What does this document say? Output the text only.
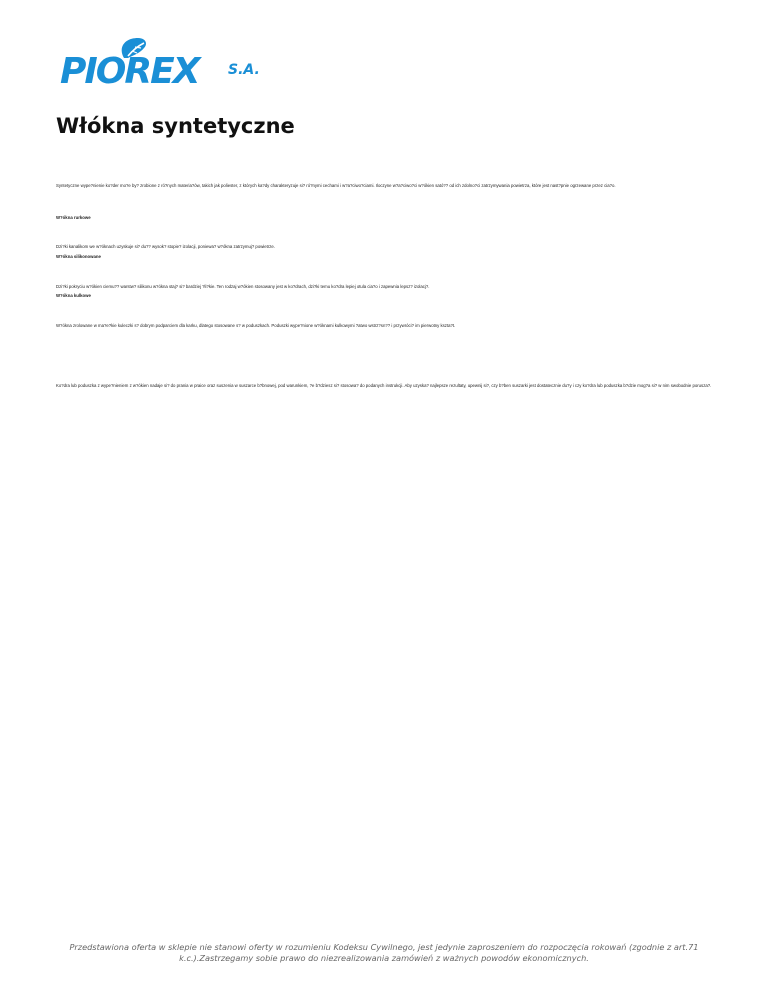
PIOREX	S.A.
Włókna syntetyczne

Syntetyczne wype?nienie ko?der mo?e by? zrobione z ró?nych materia?ów, takich jak poliester, z których ka?dy charakteryzuje si? ró?nymi cechami i w?a?ciwo?ciami. Iloczyne w?a?ciwo?ci w?ókien sató?? od ich zdolno?ci zatrzymywania powietrza, które jest nast?pnie ogrzewane przez cia?o.

W?ókna rurkowe

Dzi?ki kanalikom we w?óknach uzyskuje si? du?? wysok? stopie? izolacji, poniewa? w?ókna zatrzymuj? powietrze.

W?ókna silikonowane

Dzi?ki pokryciu w?ókien ciemu?? warstw? silikonu w?ókna staj? si? bardziej ?li?kie. Ten rodzaj w?ókien stosowany jest w ko?drach, dzi?ki temu ko?dra lepiej otula cia?o i zapewnia lepsz? izolacj?.

W?ókna kulkowe

W?ókna zrolowane w ma?e?kie kuleczki s? dobrym podparciem dla karku, dlatego stosowane s? w poduszkach. Poduszki wype?nione w?óknami kulkowymi ?atwo wstrz?sn?? i przywróci? im pierwotny kszta?t.

Ko?dra lub poduszka z wype?nieniem z w?ókien nadaje si? do prania w praice oraz suszenia w suszarce b?bnowej, pod warunkiem, ?e b?dziesz si? stosowa? do podanych instrukcji. Aby uzyska? najlepsze rezultaty, upewnij si?, czy b?ben suszarki jest dostatecznie du?y i czy ko?dra lub poduszka b?dzie mog?a si? w nim swobodnie porusza?.

Przedstawiona oferta w sklepie nie stanowi oferty w rozumieniu Kodeksu Cywilnego, jest jedynie zaproszeniem do rozpoczęcia rokowań (zgodnie z art.71 k.c.).Zastrzegamy sobie prawo do niezrealizowania zamówień z ważnych powodów ekonomicznych.
